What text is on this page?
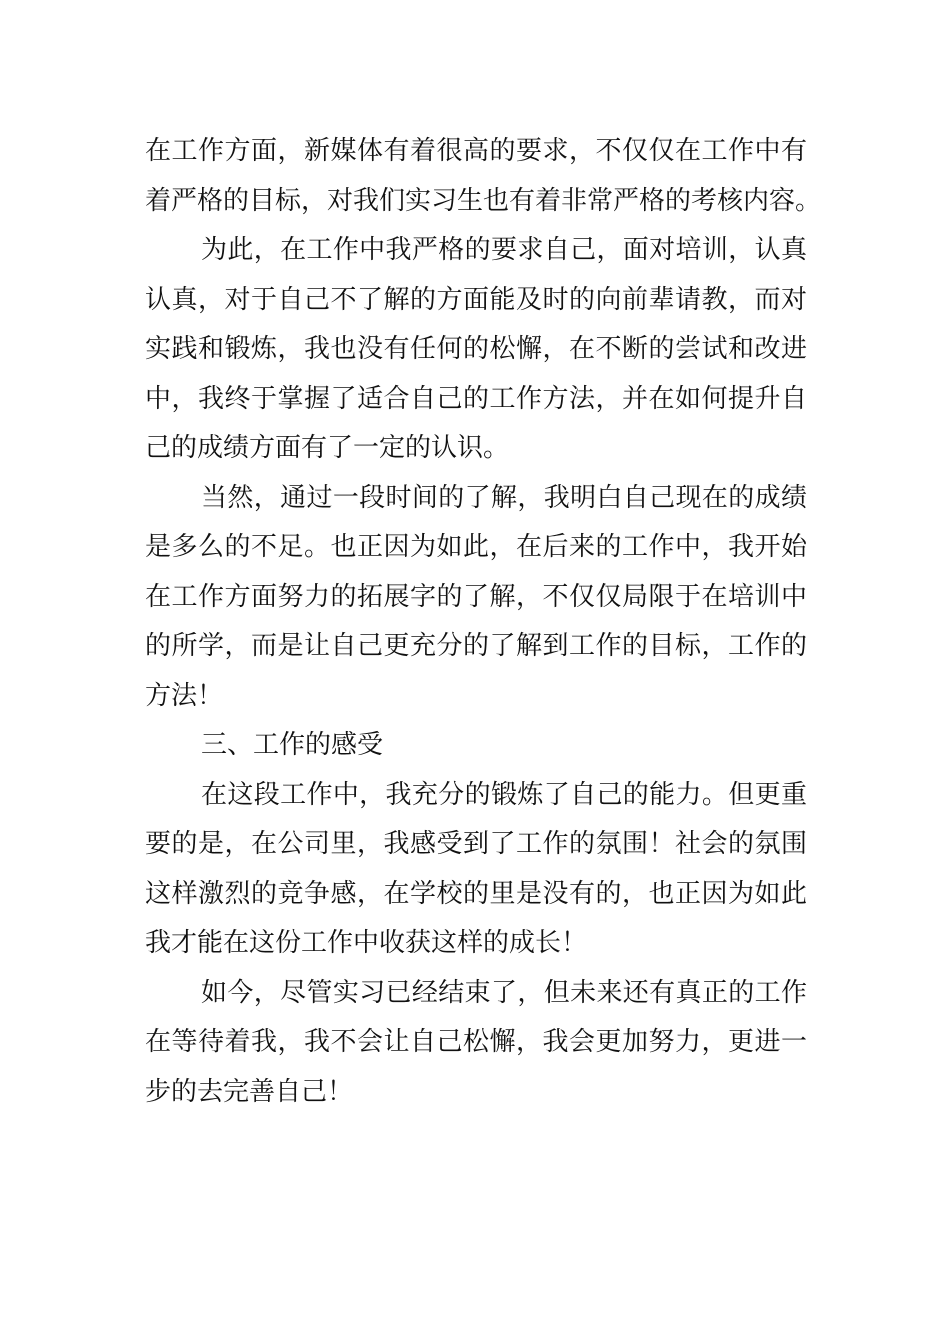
在工作方面，新媒体有着很高的要求，不仅仅在工作中有
着严格的目标，对我们实习生也有着非常严格的考核内容。
为此，在工作中我严格的要求自己，面对培训，认真
认真，对于自己不了解的方面能及时的向前辈请教，而对
实践和锻炼，我也没有任何的松懈，在不断的尝试和改进
中，我终于掌握了适合自己的工作方法，并在如何提升自
己的成绩方面有了一定的认识。
当然，通过一段时间的了解，我明白自己现在的成绩
是多么的不足。也正因为如此，在后来的工作中，我开始
在工作方面努力的拓展字的了解，不仅仅局限于在培训中
的所学，而是让自己更充分的了解到工作的目标，工作的
方法！
三、工作的感受
在这段工作中，我充分的锻炼了自己的能力。但更重
要的是，在公司里，我感受到了工作的氛围！社会的氛围
这样激烈的竞争感，在学校的里是没有的，也正因为如此
我才能在这份工作中收获这样的成长！
如今，尽管实习已经结束了，但未来还有真正的工作
在等待着我，我不会让自己松懈，我会更加努力，更进一
步的去完善自己！
